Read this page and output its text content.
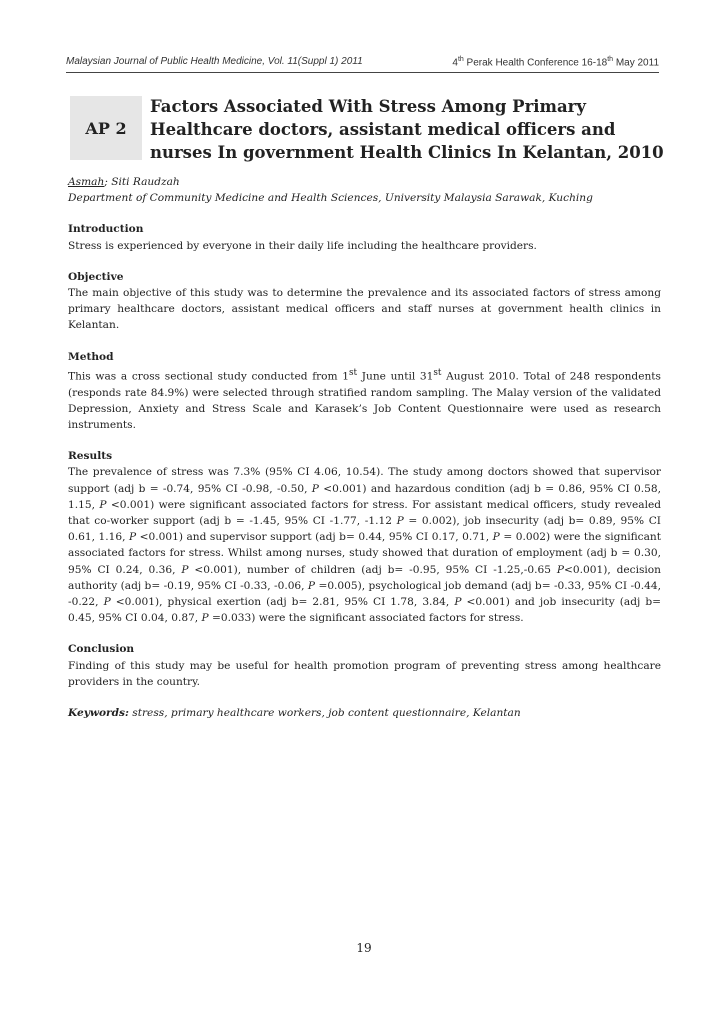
Malaysian Journal of Public Health Medicine, Vol. 11(Suppl 1) 2011	4th Perak Health Conference 16-18th May 2011
AP 2
Factors Associated With Stress Among Primary
Healthcare doctors, assistant medical officers and
nurses In government Health Clinics In Kelantan, 2010
Asmah; Siti Raudzah
Department of Community Medicine and Health Sciences, University Malaysia Sarawak, Kuching
Introduction
Stress is experienced by everyone in their daily life including the healthcare providers.
Objective
The main objective of this study was to determine the prevalence and its associated factors of stress among primary healthcare doctors, assistant medical officers and staff nurses at government health clinics in Kelantan.
Method
This was a cross sectional study conducted from 1st June until 31st August 2010. Total of 248 respondents (responds rate 84.9%) were selected through stratified random sampling. The Malay version of the validated Depression, Anxiety and Stress Scale and Karasek’s Job Content Questionnaire were used as research instruments.
Results
The prevalence of stress was 7.3% (95% CI 4.06, 10.54). The study among doctors showed that supervisor support (adj b = -0.74, 95% CI -0.98, -0.50, P <0.001) and hazardous condition (adj b = 0.86, 95% CI 0.58, 1.15, P <0.001) were significant associated factors for stress. For assistant medical officers, study revealed that co-worker support (adj b = -1.45, 95% CI -1.77, -1.12 P = 0.002), job insecurity (adj b= 0.89, 95% CI 0.61, 1.16, P <0.001) and supervisor support (adj b= 0.44, 95% CI 0.17, 0.71, P = 0.002) were the significant associated factors for stress. Whilst among nurses, study showed that duration of employment (adj b = 0.30, 95% CI 0.24, 0.36, P <0.001), number of children (adj b= -0.95, 95% CI -1.25,-0.65 P<0.001), decision authority (adj b= -0.19, 95% CI -0.33, -0.06, P =0.005), psychological job demand (adj b= -0.33, 95% CI -0.44, -0.22, P <0.001), physical exertion (adj b= 2.81, 95% CI 1.78, 3.84, P <0.001) and job insecurity (adj b= 0.45, 95% CI 0.04, 0.87, P =0.033) were the significant associated factors for stress.
Conclusion
Finding of this study may be useful for health promotion program of preventing stress among healthcare providers in the country.
Keywords: stress, primary healthcare workers, job content questionnaire, Kelantan
19
